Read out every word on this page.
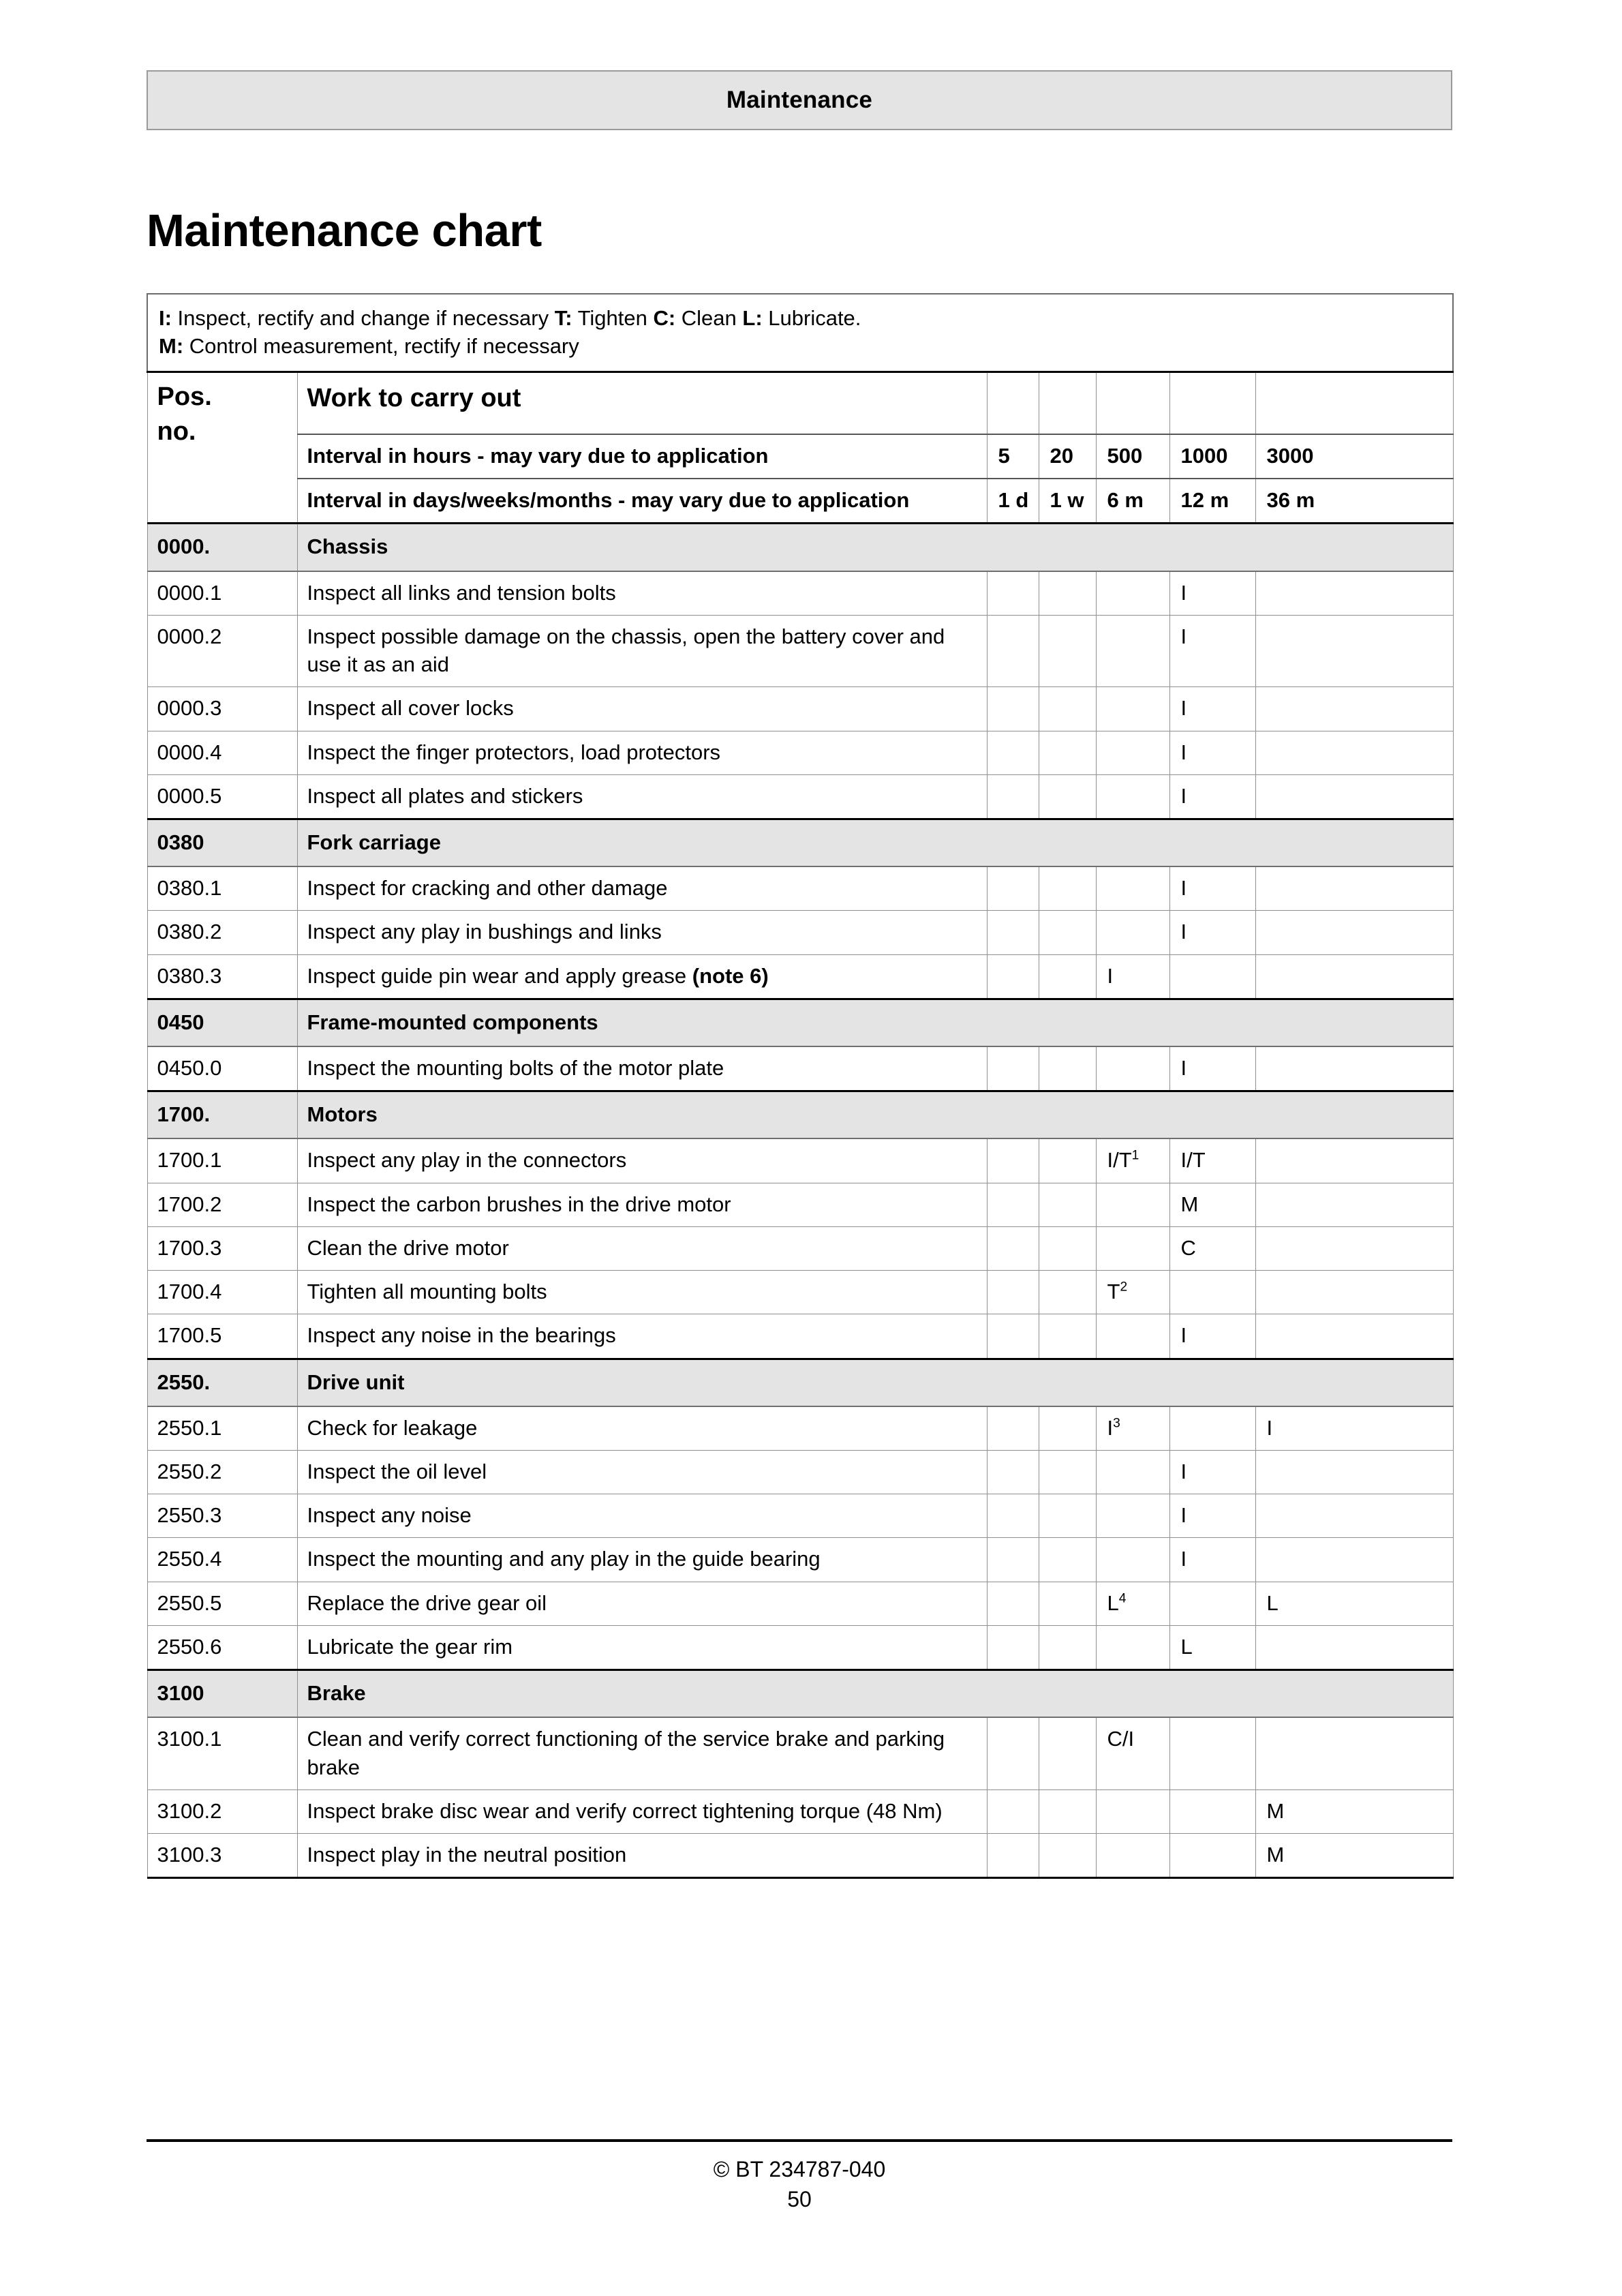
Maintenance
Maintenance chart
I: Inspect, rectify and change if necessary T: Tighten C: Clean L: Lubricate.
M: Control measurement, rectify if necessary						
Pos.
no.	Work to carry out					
	Interval in hours - may vary due to application	5	20	500	1000	3000
	Interval in days/weeks/months - may vary due to application	1 d	1 w	6 m	12 m	36 m
0000.	Chassis					
0000.1	Inspect all links and tension bolts				I	
0000.2	Inspect possible damage on the chassis, open the battery cover and use it as an aid				I	
0000.3	Inspect all cover locks				I	
0000.4	Inspect the finger protectors, load protectors				I	
0000.5	Inspect all plates and stickers				I	
0380	Fork carriage					
0380.1	Inspect for cracking and other damage				I	
0380.2	Inspect any play in bushings and links				I	
0380.3	Inspect guide pin wear and apply grease (note 6)			I		
0450	Frame-mounted components					
0450.0	Inspect the mounting bolts of the motor plate				I	
1700.	Motors					
1700.1	Inspect any play in the connectors			$I/T^1$	I/T	
1700.2	Inspect the carbon brushes in the drive motor				M	
1700.3	Clean the drive motor				C	
1700.4	Tighten all mounting bolts			$T^2$		
1700.5	Inspect any noise in the bearings				I	
2550.	Drive unit					
2550.1	Check for leakage			$I^3$		I
2550.2	Inspect the oil level				I	
2550.3	Inspect any noise				I	
2550.4	Inspect the mounting and any play in the guide bearing				I	
2550.5	Replace the drive gear oil			$L^4$		L
2550.6	Lubricate the gear rim				L	
3100	Brake					
3100.1	Clean and verify correct functioning of the service brake and parking brake			C/I		
3100.2	Inspect brake disc wear and verify correct tightening torque (48 Nm)					M
3100.3	Inspect play in the neutral position					M
© BT 234787-040
50
